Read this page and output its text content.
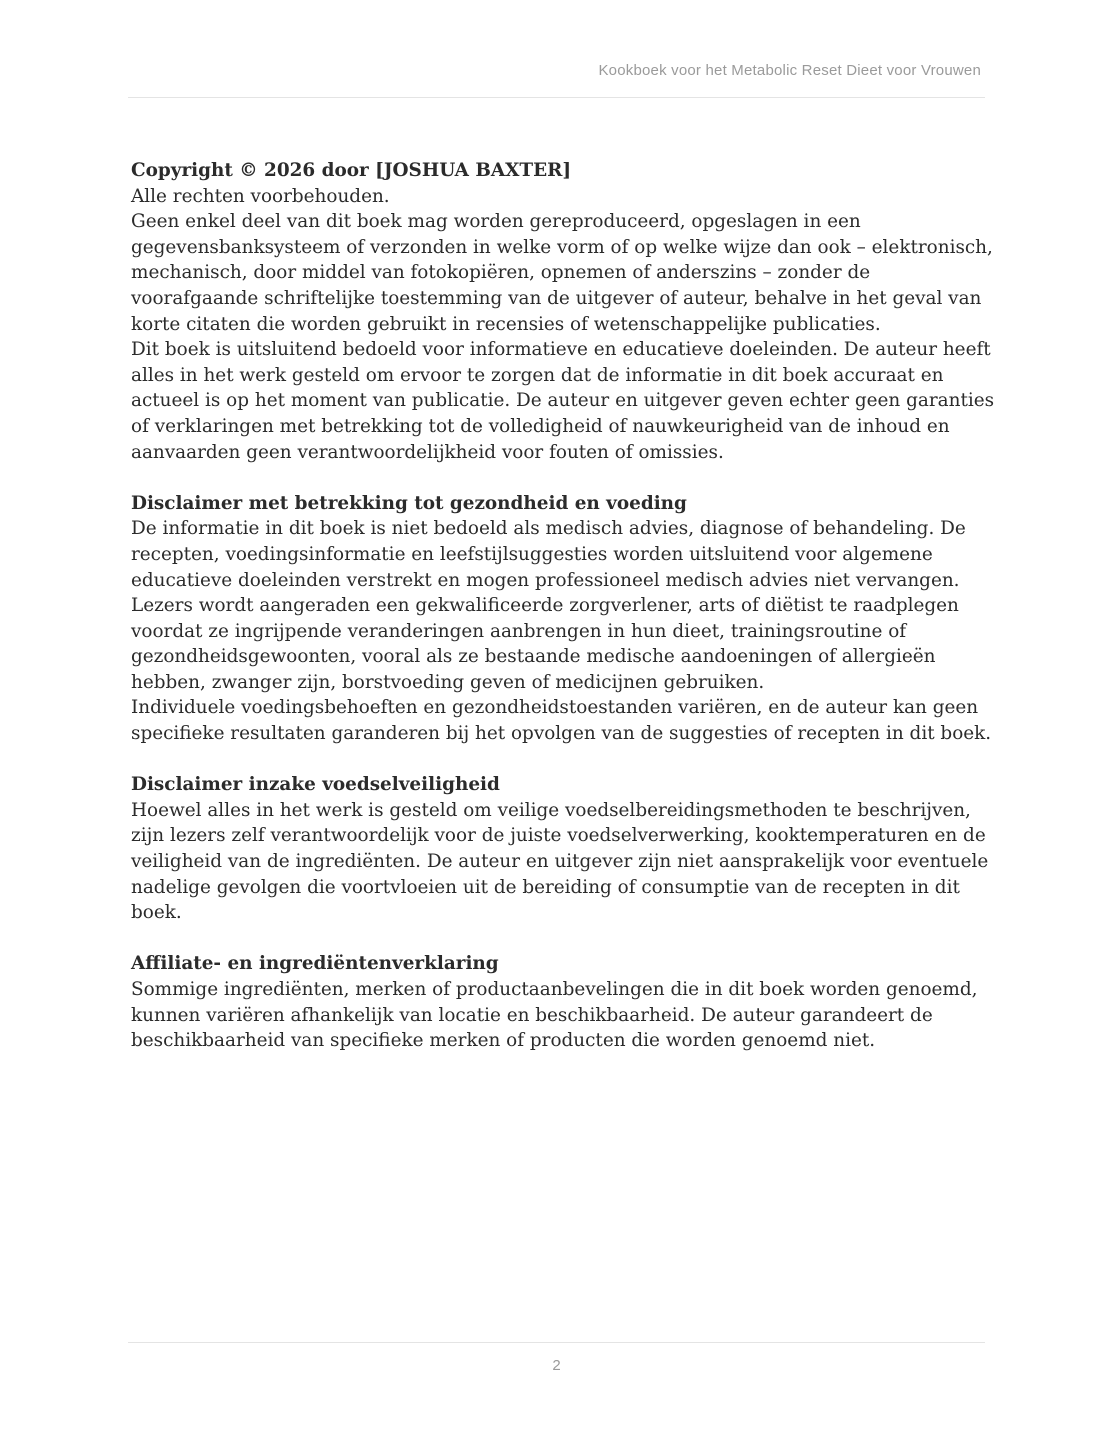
Kookboek voor het Metabolic Reset Dieet voor Vrouwen

Copyright © 2026 door [JOSHUA BAXTER]

Alle rechten voorbehouden.

Geen enkel deel van dit boek mag worden gereproduceerd, opgeslagen in een gegevensbanksysteem of verzonden in welke vorm of op welke wijze dan ook – elektronisch, mechanisch, door middel van fotokopiëren, opnemen of anderszins – zonder de voorafgaande schriftelijke toestemming van de uitgever of auteur, behalve in het geval van korte citaten die worden gebruikt in recensies of wetenschappelijke publicaties.

Dit boek is uitsluitend bedoeld voor informatieve en educatieve doeleinden. De auteur heeft alles in het werk gesteld om ervoor te zorgen dat de informatie in dit boek accuraat en actueel is op het moment van publicatie. De auteur en uitgever geven echter geen garanties of verklaringen met betrekking tot de volledigheid of nauwkeurigheid van de inhoud en aanvaarden geen verantwoordelijkheid voor fouten of omissies.

Disclaimer met betrekking tot gezondheid en voeding

De informatie in dit boek is niet bedoeld als medisch advies, diagnose of behandeling. De recepten, voedingsinformatie en leefstijlsuggesties worden uitsluitend voor algemene educatieve doeleinden verstrekt en mogen professioneel medisch advies niet vervangen. Lezers wordt aangeraden een gekwalificeerde zorgverlener, arts of diëtist te raadplegen voordat ze ingrijpende veranderingen aanbrengen in hun dieet, trainingsroutine of gezondheidsgewoonten, vooral als ze bestaande medische aandoeningen of allergieën hebben, zwanger zijn, borstvoeding geven of medicijnen gebruiken.

Individuele voedingsbehoeften en gezondheidstoestanden variëren, en de auteur kan geen specifieke resultaten garanderen bij het opvolgen van de suggesties of recepten in dit boek.

Disclaimer inzake voedselveiligheid

Hoewel alles in het werk is gesteld om veilige voedselbereidingsmethoden te beschrijven, zijn lezers zelf verantwoordelijk voor de juiste voedselverwerking, kooktemperaturen en de veiligheid van de ingrediënten. De auteur en uitgever zijn niet aansprakelijk voor eventuele nadelige gevolgen die voortvloeien uit de bereiding of consumptie van de recepten in dit boek.

Affiliate- en ingrediëntenverklaring

Sommige ingrediënten, merken of productaanbevelingen die in dit boek worden genoemd, kunnen variëren afhankelijk van locatie en beschikbaarheid. De auteur garandeert de beschikbaarheid van specifieke merken of producten die worden genoemd niet.

2
